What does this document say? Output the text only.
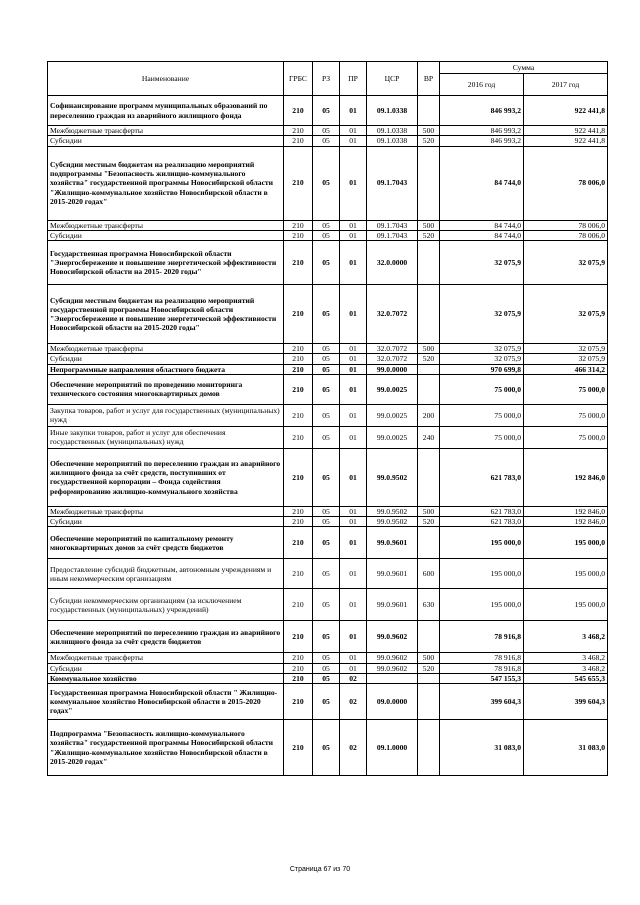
Наименование	ГРБС	РЗ	ПР	ЦСР	ВР	Сумма	
						2016 год	2017 год
Софинансирование программ муниципальных образований по переселению граждан из аварийного жилищного фонда	210	05	01	09.1.0338		846 993,2	922 441,8
Межбюджетные трансферты	210	05	01	09.1.0338	500	846 993,2	922 441,8
Субсидии	210	05	01	09.1.0338	520	846 993,2	922 441,8
Субсидии местным бюджетам на реализацию мероприятий подпрограммы "Безопасность жилищно-коммунального хозяйства" государственной программы Новосибирской области "Жилищно-коммунальное хозяйство Новосибирской области в 2015-2020 годах"	210	05	01	09.1.7043		84 744,0	78 006,0
Межбюджетные трансферты	210	05	01	09.1.7043	500	84 744,0	78 006,0
Субсидии	210	05	01	09.1.7043	520	84 744,0	78 006,0
Государственная программа Новосибирской области "Энергосбережение и повышение энергетической эффективности Новосибирской области на 2015- 2020 годы"	210	05	01	32.0.0000		32 075,9	32 075,9
Субсидии местным бюджетам на реализацию мероприятий государственной программы Новосибирской области "Энергосбережение и повышение энергетической эффективности Новосибирской области на 2015-2020 годы"	210	05	01	32.0.7072		32 075,9	32 075,9
Межбюджетные трансферты	210	05	01	32.0.7072	500	32 075,9	32 075,9
Субсидии	210	05	01	32.0.7072	520	32 075,9	32 075,9
Непрограммные направления областного бюджета	210	05	01	99.0.0000		970 699,8	466 314,2
Обеспечение мероприятий по проведению мониторинга технического состояния многоквартирных домов	210	05	01	99.0.0025		75 000,0	75 000,0
Закупка товаров, работ и услуг для государственных (муниципальных) нужд	210	05	01	99.0.0025	200	75 000,0	75 000,0
Иные закупки товаров, работ и услуг для обеспечения государственных (муниципальных) нужд	210	05	01	99.0.0025	240	75 000,0	75 000,0
Обеспечение мероприятий по переселению граждан из аварийного жилищного фонда за счёт средств, поступивших от государственной корпорации – Фонда содействия реформированию жилищно-коммунального хозяйства	210	05	01	99.0.9502		621 783,0	192 846,0
Межбюджетные трансферты	210	05	01	99.0.9502	500	621 783,0	192 846,0
Субсидии	210	05	01	99.0.9502	520	621 783,0	192 846,0
Обеспечение мероприятий по капитальному ремонту многоквартирных домов за счёт средств бюджетов	210	05	01	99.0.9601		195 000,0	195 000,0
Предоставление субсидий бюджетным, автономным учреждениям и иным некоммерческим организациям	210	05	01	99.0.9601	600	195 000,0	195 000,0
Субсидии некоммерческим организациям (за исключением государственных (муниципальных) учреждений)	210	05	01	99.0.9601	630	195 000,0	195 000,0
Обеспечение мероприятий по переселению граждан из аварийного жилищного фонда за счёт средств бюджетов	210	05	01	99.0.9602		78 916,8	3 468,2
Межбюджетные трансферты	210	05	01	99.0.9602	500	78 916,8	3 468,2
Субсидии	210	05	01	99.0.9602	520	78 916,8	3 468,2
Коммунальное хозяйство	210	05	02			547 155,3	545 655,3
Государственная программа Новосибирской области " Жилищно-коммунальное хозяйство Новосибирской области в 2015-2020 годах"	210	05	02	09.0.0000		399 604,3	399 604,3
Подпрограмма "Безопасность жилищно-коммунального хозяйства" государственной программы Новосибирской области "Жилищно-коммунальное хозяйство Новосибирской области в 2015-2020 годах"	210	05	02	09.1.0000		31 083,0	31 083,0
Страница 67 из 70
